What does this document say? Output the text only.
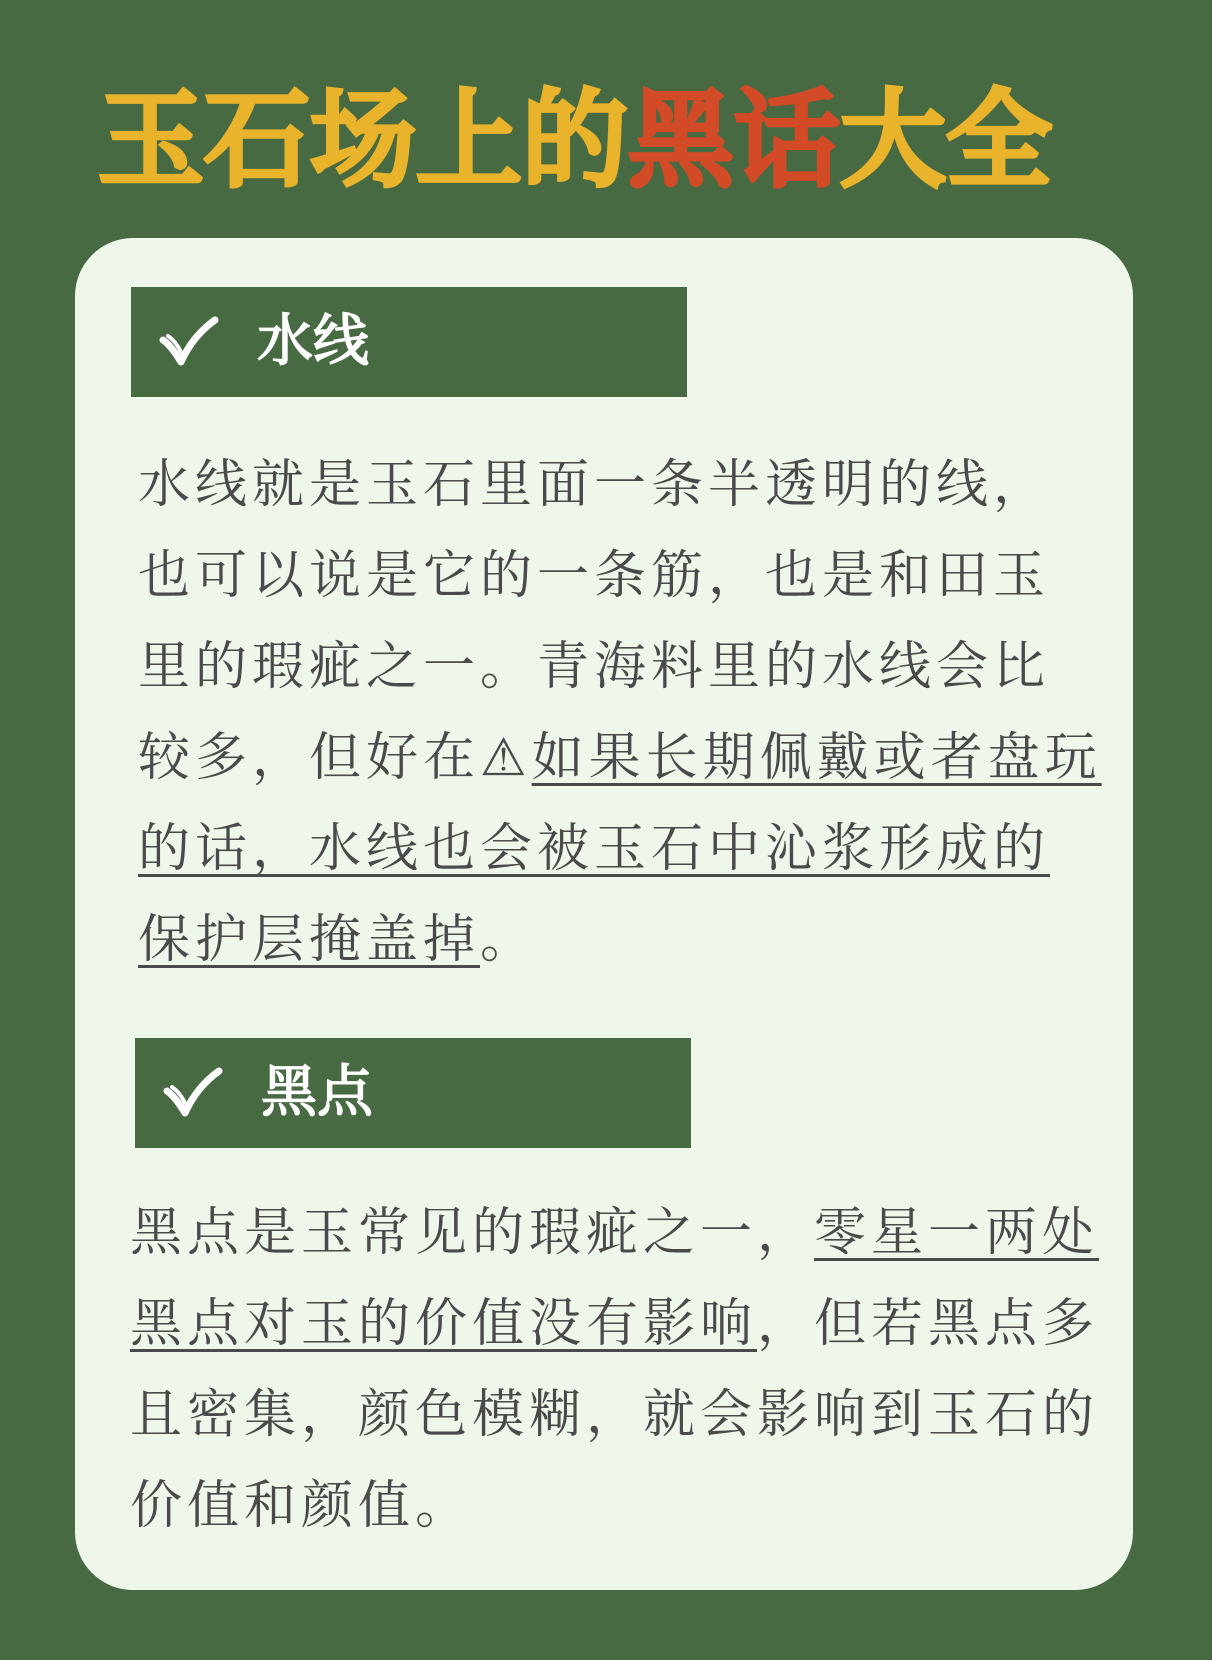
玉石场上的黑话大全
水线

水线就是玉石里面一条半透明的线，也可以说是它的一条筋，也是和田玉里的瑕疵之一。青海料里的水线会比较多，但好在⚠如果长期佩戴或者盘玩的话，水线也会被玉石中沁浆形成的保护层掩盖掉。

黑点

黑点是玉常见的瑕疵之一，零星一两处黑点对玉的价值没有影响，但若黑点多且密集，颜色模糊，就会影响到玉石的价值和颜值。
